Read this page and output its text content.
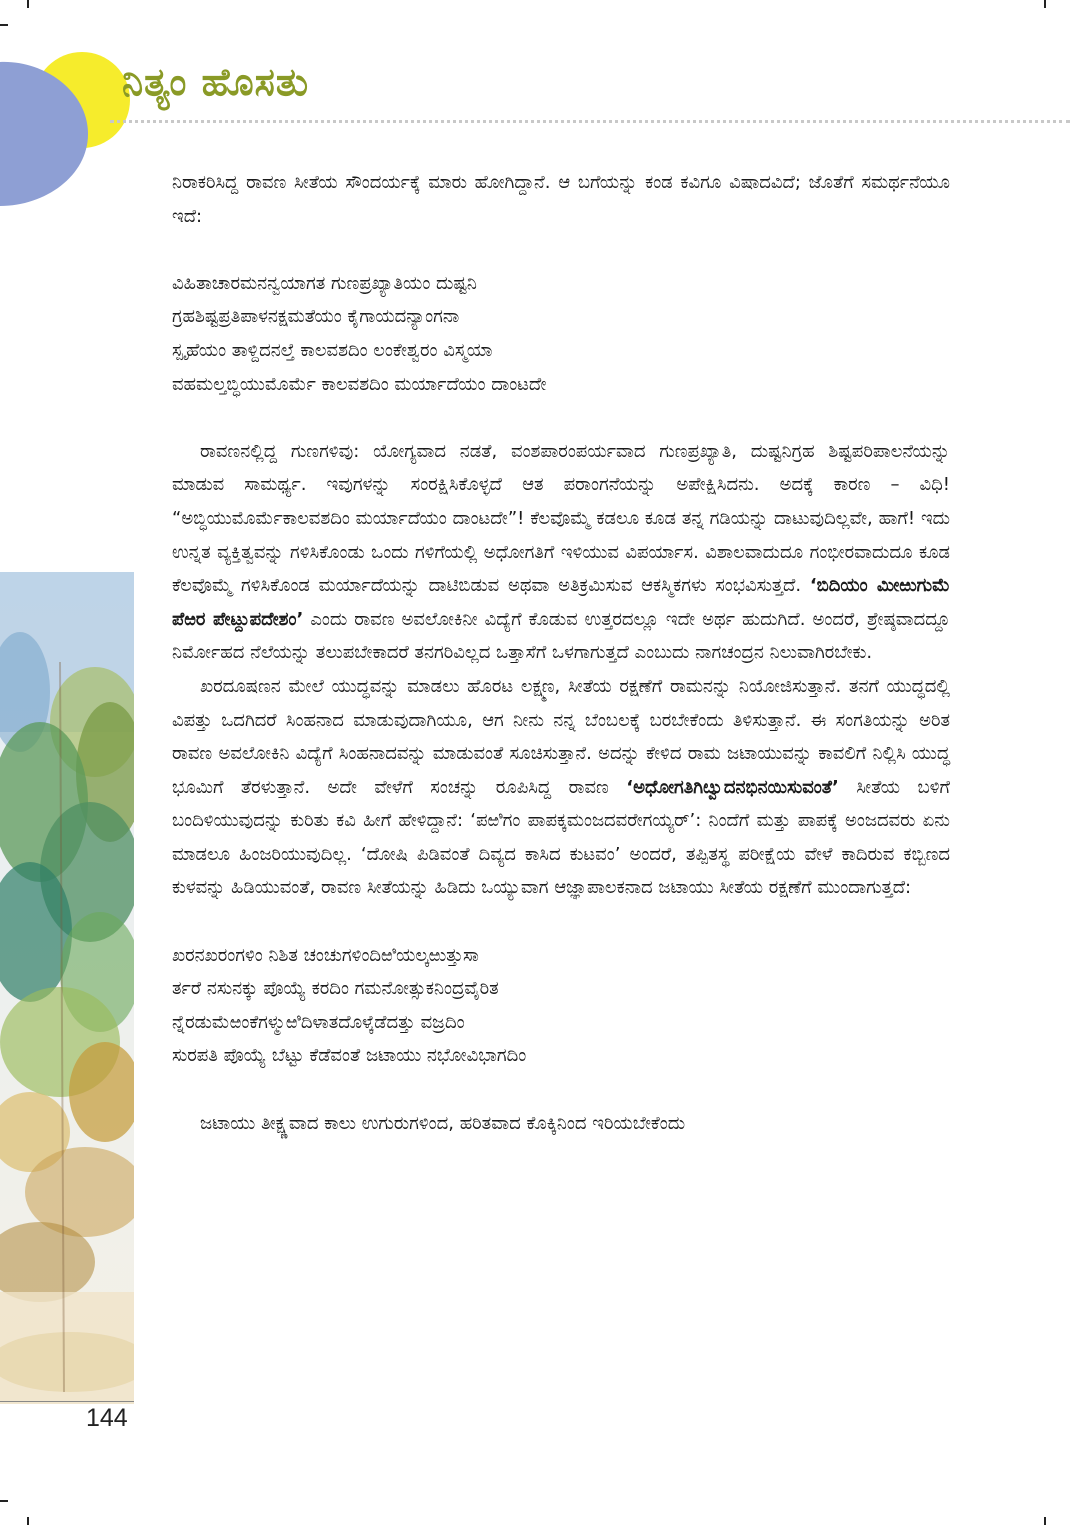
ನಿತ್ಯಂ ಹೊಸತು
144

ನಿರಾಕರಿಸಿದ್ದ ರಾವಣ ಸೀತೆಯ ಸೌಂದರ್ಯಕ್ಕೆ ಮಾರು ಹೋಗಿದ್ದಾನೆ. ಆ ಬಗೆಯನ್ನು ಕಂಡ ಕವಿಗೂ ವಿಷಾದವಿದೆ; ಜೊತೆಗೆ ಸಮರ್ಥನೆಯೂ ಇದೆ:

ವಿಹಿತಾಚಾರಮನನ್ವಯಾಗತ ಗುಣಪ್ರಖ್ಯಾತಿಯಂ ದುಷ್ಟನಿ
ಗ್ರಹಶಿಷ್ಟಪ್ರತಿಪಾಳನಕ್ಷಮತೆಯಂ ಕೈಗಾಯದನ್ಯಾಂಗನಾ
ಸ್ಪೃಹೆಯಂ ತಾಳ್ದಿದನಲ್ತೆ ಕಾಲವಶದಿಂ ಲಂಕೇಶ್ವರಂ ವಿಸ್ಮಯಾ
ವಹಮಲ್ತಬ್ಧಿಯುಮೊರ್ಮೆ ಕಾಲವಶದಿಂ ಮರ್ಯಾದೆಯಂ ದಾಂಟದೇ

ರಾವಣನಲ್ಲಿದ್ದ ಗುಣಗಳಿವು: ಯೋಗ್ಯವಾದ ನಡತೆ, ವಂಶಪಾರಂಪರ್ಯವಾದ ಗುಣಪ್ರಖ್ಯಾತಿ, ದುಷ್ಟನಿಗ್ರಹ ಶಿಷ್ಟಪರಿಪಾಲನೆಯನ್ನು ಮಾಡುವ ಸಾಮರ್ಥ್ಯ. ಇವುಗಳನ್ನು ಸಂರಕ್ಷಿಸಿಕೊಳ್ಳದೆ ಆತ ಪರಾಂಗನೆಯನ್ನು ಅಪೇಕ್ಷಿಸಿದನು. ಅದಕ್ಕೆ ಕಾರಣ – ವಿಧಿ! “ಅಬ್ಧಿಯುಮೊರ್ಮೆಕಾಲವಶದಿಂ ಮರ್ಯಾದೆಯಂ ದಾಂಟದೇ”! ಕೆಲವೊಮ್ಮೆ ಕಡಲೂ ಕೂಡ ತನ್ನ ಗಡಿಯನ್ನು ದಾಟುವುದಿಲ್ಲವೇ, ಹಾಗೆ! ಇದು ಉನ್ನತ ವ್ಯಕ್ತಿತ್ವವನ್ನು ಗಳಿಸಿಕೊಂಡು ಒಂದು ಗಳಿಗೆಯಲ್ಲಿ ಅಧೋಗತಿಗೆ ಇಳಿಯುವ ವಿಪರ್ಯಾಸ. ವಿಶಾಲವಾದುದೂ ಗಂಭೀರವಾದುದೂ ಕೂಡ ಕೆಲವೊಮ್ಮೆ ಗಳಿಸಿಕೊಂಡ ಮರ್ಯಾದೆಯನ್ನು ದಾಟಿಬಿಡುವ ಅಥವಾ ಅತಿಕ್ರಮಿಸುವ ಆಕಸ್ಮಿಕಗಳು ಸಂಭವಿಸುತ್ತದೆ. ‘ಬಿದಿಯಂ ಮೀಱುಗುಮೆ ಪೆಱರ ಪೇಟ್ದುಪದೇಶಂ’ ಎಂದು ರಾವಣ ಅವಲೋಕಿನೀ ವಿದ್ಯೆಗೆ ಕೊಡುವ ಉತ್ತರದಲ್ಲೂ ಇದೇ ಅರ್ಥ ಹುದುಗಿದೆ. ಅಂದರೆ, ಶ್ರೇಷ್ಠವಾದದ್ದೂ ನಿರ್ಮೋಹದ ನೆಲೆಯನ್ನು ತಲುಪಬೇಕಾದರೆ ತನಗರಿವಿಲ್ಲದ ಒತ್ತಾಸೆಗೆ ಒಳಗಾಗುತ್ತದೆ ಎಂಬುದು ನಾಗಚಂದ್ರನ ನಿಲುವಾಗಿರಬೇಕು.

ಖರದೂಷಣನ ಮೇಲೆ ಯುದ್ಧವನ್ನು ಮಾಡಲು ಹೊರಟ ಲಕ್ಷ್ಮಣ, ಸೀತೆಯ ರಕ್ಷಣೆಗೆ ರಾಮನನ್ನು ನಿಯೋಜಿಸುತ್ತಾನೆ. ತನಗೆ ಯುದ್ಧದಲ್ಲಿ ವಿಪತ್ತು ಒದಗಿದರೆ ಸಿಂಹನಾದ ಮಾಡುವುದಾಗಿಯೂ, ಆಗ ನೀನು ನನ್ನ ಬೆಂಬಲಕ್ಕೆ ಬರಬೇಕೆಂದು ತಿಳಿಸುತ್ತಾನೆ. ಈ ಸಂಗತಿಯನ್ನು ಅರಿತ ರಾವಣ ಅವಲೋಕಿನಿ ವಿದ್ಯೆಗೆ ಸಿಂಹನಾದವನ್ನು ಮಾಡುವಂತೆ ಸೂಚಿಸುತ್ತಾನೆ. ಅದನ್ನು ಕೇಳಿದ ರಾಮ ಜಟಾಯುವನ್ನು ಕಾವಲಿಗೆ ನಿಲ್ಲಿಸಿ ಯುದ್ಧ ಭೂಮಿಗೆ ತೆರಳುತ್ತಾನೆ. ಅದೇ ವೇಳೆಗೆ ಸಂಚನ್ನು ರೂಪಿಸಿದ್ದ ರಾವಣ ‘ಅಧೋಗತಿಗಿೞ್ವುದನಭಿನಯಿಸುವಂತೆ’ ಸೀತೆಯ ಬಳಿಗೆ ಬಂದಿಳಿಯುವುದನ್ನು ಕುರಿತು ಕವಿ ಹೀಗೆ ಹೇಳಿದ್ದಾನೆ: ‘ಪಱಿಗಂ ಪಾಪಕ್ಕಮಂಜದವರೇಗಯ್ಯರ್’: ನಿಂದೆಗೆ ಮತ್ತು ಪಾಪಕ್ಕೆ ಅಂಜದವರು ಏನು ಮಾಡಲೂ ಹಿಂಜರಿಯುವುದಿಲ್ಲ. ‘ದೋಷಿ ಪಿಡಿವಂತೆ ದಿವ್ಯದ ಕಾಸಿದ ಕುಟವಂ’ ಅಂದರೆ, ತಪ್ಪಿತಸ್ಥ ಪರೀಕ್ಷೆಯ ವೇಳೆ ಕಾದಿರುವ ಕಬ್ಬಿಣದ ಕುಳವನ್ನು ಹಿಡಿಯುವಂತೆ, ರಾವಣ ಸೀತೆಯನ್ನು ಹಿಡಿದು ಒಯ್ಯುವಾಗ ಆಜ್ಞಾಪಾಲಕನಾದ ಜಟಾಯು ಸೀತೆಯ ರಕ್ಷಣೆಗೆ ಮುಂದಾಗುತ್ತದೆ:

ಖರನಖರಂಗಳಿಂ ನಿಶಿತ ಚಂಚುಗಳಿಂದಿಱಿಯಲ್ಕಱುತ್ತುಸಾ
ರ್ತರೆ ನಸುನಕ್ಕು ಪೊಯ್ಯೆ ಕರದಿಂ ಗಮನೋತ್ಸುಕನಿಂದ್ರವೈರಿತ
ನ್ನೆರಡುಮೆಱಂಕೆಗಳ್ಮುಱಿದಿಳಾತದೊಳ್ಕೆಡೆದತ್ತು ವಜ್ರದಿಂ
ಸುರಪತಿ ಪೊಯ್ಯೆ ಬೆಟ್ಟು ಕೆಡೆವಂತೆ ಜಟಾಯು ನಭೋವಿಭಾಗದಿಂ

ಜಟಾಯು ತೀಕ್ಷ್ಣವಾದ ಕಾಲು ಉಗುರುಗಳಿಂದ, ಹರಿತವಾದ ಕೊಕ್ಕಿನಿಂದ ಇರಿಯಬೇಕೆಂದು
